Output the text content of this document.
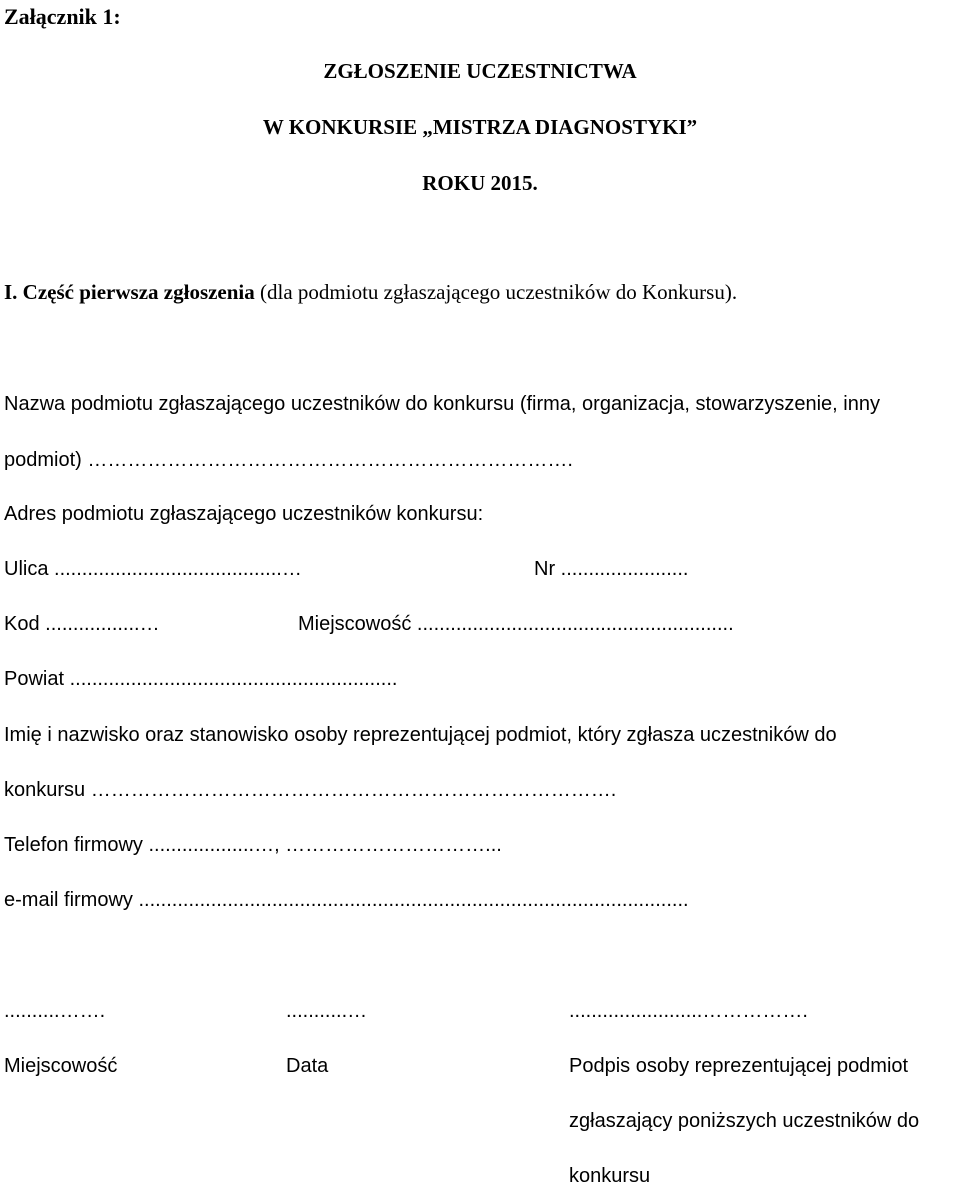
Załącznik 1:
ZGŁOSZENIE UCZESTNICTWA
W KONKURSIE „MISTRZA DIAGNOSTYKI”
ROKU 2015.
I. Część pierwsza zgłoszenia (dla podmiotu zgłaszającego uczestników do Konkursu).
Nazwa podmiotu zgłaszającego uczestników do konkursu (firma, organizacja, stowarzyszenie, inny
podmiot) ……………………………………………………………….
Adres podmiotu zgłaszającego uczestników konkursu:
Ulica .........................................…	Nr .......................
Kod .................…	Miejscowość .........................................................
Powiat ...........................................................
Imię i nazwisko oraz stanowisko osoby reprezentującej podmiot, który zgłasza uczestników do
konkursu …………………………………………………………………….
Telefon firmowy ...................…, …………………………...
e-mail firmowy ...................................................................................................
..........…….	...........…	........................…………….
Miejscowość	Data	Podpis osoby reprezentującej podmiot
zgłaszający poniższych uczestników do
konkursu
